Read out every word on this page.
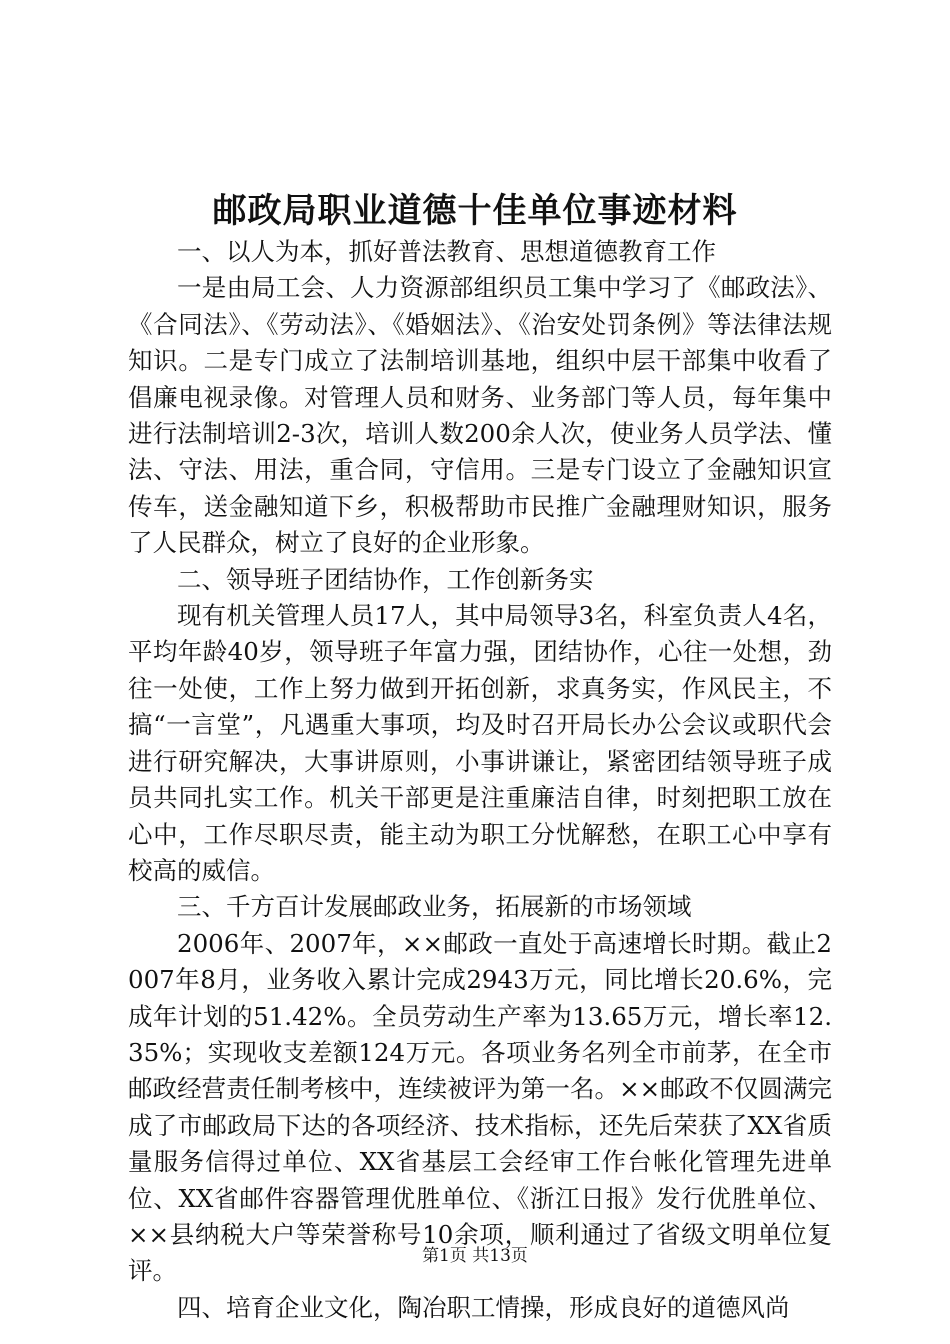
邮政局职业道德十佳单位事迹材料

一、以人为本，抓好普法教育、思想道德教育工作

一是由局工会、人力资源部组织员工集中学习了《邮政法》、《合同法》、《劳动法》、《婚姻法》、《治安处罚条例》等法律法规知识。二是专门成立了法制培训基地，组织中层干部集中收看了倡廉电视录像。对管理人员和财务、业务部门等人员，每年集中进行法制培训2-3次，培训人数200余人次，使业务人员学法、懂法、守法、用法，重合同，守信用。三是专门设立了金融知识宣传车，送金融知道下乡，积极帮助市民推广金融理财知识，服务了人民群众，树立了良好的企业形象。

二、领导班子团结协作，工作创新务实

现有机关管理人员17人，其中局领导3名，科室负责人4名，平均年龄40岁，领导班子年富力强，团结协作，心往一处想，劲往一处使，工作上努力做到开拓创新，求真务实，作风民主，不搞“一言堂”，凡遇重大事项，均及时召开局长办公会议或职代会进行研究解决，大事讲原则，小事讲谦让，紧密团结领导班子成员共同扎实工作。机关干部更是注重廉洁自律，时刻把职工放在心中，工作尽职尽责，能主动为职工分忧解愁，在职工心中享有校高的威信。

三、千方百计发展邮政业务，拓展新的市场领域

2006年、2007年，××邮政一直处于高速增长时期。截止2007年8月，业务收入累计完成2943万元，同比增长20.6%，完成年计划的51.42%。全员劳动生产率为13.65万元，增长率12.35%；实现收支差额124万元。各项业务名列全市前茅，在全市邮政经营责任制考核中，连续被评为第一名。××邮政不仅圆满完成了市邮政局下达的各项经济、技术指标，还先后荣获了XX省质量服务信得过单位、XX省基层工会经审工作台帐化管理先进单位、XX省邮件容器管理优胜单位、《浙江日报》发行优胜单位、××县纳税大户等荣誉称号10余项，顺利通过了省级文明单位复评。

四、培育企业文化，陶冶职工情操，形成良好的道德风尚

第1页 共13页
